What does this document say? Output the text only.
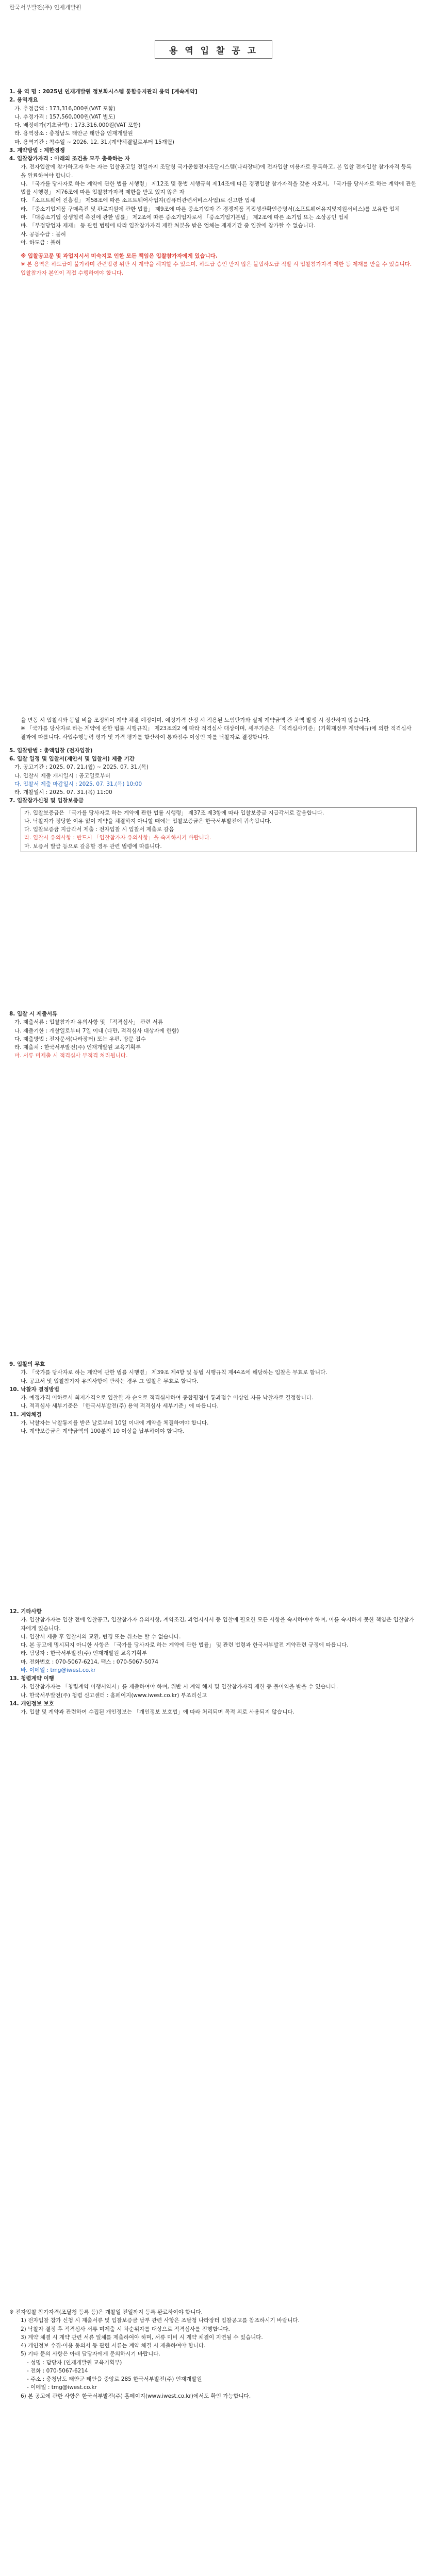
한국서부발전(주) 인재개발원
용 역 입 찰 공 고
1. 용 역 명 : 2025년 인재개발원 정보화시스템 통합유지관리 용역 [계속계약]
2. 용역개요
가. 추정금액 : 173,316,000원(VAT 포함)
나. 추정가격 : 157,560,000원(VAT 별도)
다. 배정예가(기초금액) : 173,316,000원(VAT 포함)
라. 용역장소 : 충청남도 태안군 태안읍 인재개발원
마. 용역기간 : 착수일 ~ 2026. 12. 31.(계약체결일로부터 15개월)
3. 계약방법 : 제한경쟁
4. 입찰참가자격 : 아래의 조건을 모두 충족하는 자
가. 전자입찰에 참가하고자 하는 자는 입찰공고일 전일까지 조달청 국가종합전자조달시스템(나라장터)에 전자입찰 이용자로 등록하고, 본 입찰 전자입찰 참가자격 등록을 완료하여야 합니다.
나. 「국가를 당사자로 하는 계약에 관한 법률 시행령」 제12조 및 동법 시행규칙 제14조에 따른 경쟁입찰 참가자격을 갖춘 자로서, 「국가를 당사자로 하는 계약에 관한 법률 시행령」 제76조에 따른 입찰참가자격 제한을 받고 있지 않은 자
다. 「소프트웨어 진흥법」 제58조에 따른 소프트웨어사업자(컴퓨터관련서비스사업)로 신고한 업체
라. 「중소기업제품 구매촉진 및 판로지원에 관한 법률」 제9조에 따른 중소기업자 간 경쟁제품 직접생산확인증명서(소프트웨어유지및지원서비스)를 보유한 업체
마. 「대중소기업 상생협력 촉진에 관한 법률」 제2조에 따른 중소기업자로서 「중소기업기본법」 제2조에 따른 소기업 또는 소상공인 업체
바. 「부정당업자 제재」 등 관련 법령에 따라 입찰참가자격 제한 처분을 받은 업체는 제재기간 중 입찰에 참가할 수 없습니다.
사. 공동수급 : 불허
아. 하도급 : 불허
※ 입찰공고문 및 과업지시서 미숙지로 인한 모든 책임은 입찰참가자에게 있습니다.
※ 본 용역은 하도급이 불가하며 관련법령 위반 시 계약을 해지할 수 있으며, 하도급 승인 받지 않은 불법하도급 적발 시 입찰참가자격 제한 등 제재를 받을 수 있습니다. 입찰참가자 본인이 직접 수행하여야 합니다.
율 변동 시 입찰시와 동일 비율 조정하여 계약 체결 예정이며, 예정가격 산정 시 적용된 노임단가와 실제 계약금액 간 차액 발생 시 정산하지 않습니다.
※ 「국가를 당사자로 하는 계약에 관한 법률 시행규칙」 제23조의2 에 따라 적격심사 대상이며, 세부기준은 「적격심사기준」(기획재정부 계약예규)에 의한 적격심사 결과에 따릅니다. 사업수행능력 평가 및 가격 평가를 합산하여 통과점수 이상인 자를 낙찰자로 결정합니다.
5. 입찰방법 : 총액입찰 (전자입찰)
6. 입찰 일정 및 입찰서(제안서 및 입찰서) 제출 기간
가. 공고기간 : 2025. 07. 21.(월) ~ 2025. 07. 31.(목)
나. 입찰서 제출 개시일시 : 공고일로부터
다. 입찰서 제출 마감일시 : 2025. 07. 31.(목) 10:00
라. 개찰일시 : 2025. 07. 31.(목) 11:00
7. 입찰참가신청 및 입찰보증금
가. 입찰보증금은 「국가를 당사자로 하는 계약에 관한 법률 시행령」 제37조 제3항에 따라 입찰보증금 지급각서로 갈음합니다.
나. 낙찰자가 정당한 이유 없이 계약을 체결하지 아니할 때에는 입찰보증금은 한국서부발전에 귀속됩니다.
다. 입찰보증금 지급각서 제출 : 전자입찰 시 입찰서 제출로 갈음
라. 입찰시 유의사항 : 반드시 「입찰참가자 유의사항」을 숙지하시기 바랍니다.
마. 보증서 발급 등으로 갈음할 경우 관련 법령에 따릅니다.
8. 입찰 시 제출서류
가. 제출서류 : 입찰참가자 유의사항 및 「적격심사」 관련 서류
나. 제출기한 : 개찰일로부터 7일 이내 (다만, 적격심사 대상자에 한함)
다. 제출방법 : 전자문서(나라장터) 또는 우편, 방문 접수
라. 제출처 : 한국서부발전(주) 인재개발원 교육기획부
마. 서류 미제출 시 적격심사 부적격 처리됩니다.
9. 입찰의 무효
가. 「국가를 당사자로 하는 계약에 관한 법률 시행령」 제39조 제4항 및 동법 시행규칙 제44조에 해당하는 입찰은 무효로 합니다.
나. 공고서 및 입찰참가자 유의사항에 반하는 경우 그 입찰은 무효로 합니다.
10. 낙찰자 결정방법
가. 예정가격 이하로서 최저가격으로 입찰한 자 순으로 적격심사하여 종합평점이 통과점수 이상인 자를 낙찰자로 결정합니다.
나. 적격심사 세부기준은 「한국서부발전(주) 용역 적격심사 세부기준」에 따릅니다.
11. 계약체결
가. 낙찰자는 낙찰통지를 받은 날로부터 10일 이내에 계약을 체결하여야 합니다.
나. 계약보증금은 계약금액의 100분의 10 이상을 납부하여야 합니다.
12. 기타사항
가. 입찰참가자는 입찰 전에 입찰공고, 입찰참가자 유의사항, 계약조건, 과업지시서 등 입찰에 필요한 모든 사항을 숙지하여야 하며, 이를 숙지하지 못한 책임은 입찰참가자에게 있습니다.
나. 입찰서 제출 후 입찰서의 교환, 변경 또는 취소는 할 수 없습니다.
다. 본 공고에 명시되지 아니한 사항은 「국가를 당사자로 하는 계약에 관한 법률」 및 관련 법령과 한국서부발전 계약관련 규정에 따릅니다.
라. 담당자 : 한국서부발전(주) 인재개발원 교육기획부
마. 전화번호 : 070-5067-6214, 팩스 : 070-5067-5074
바. 이메일 : tmg@iwest.co.kr
13. 청렴계약 이행
가. 입찰참가자는 「청렴계약 이행서약서」를 제출하여야 하며, 위반 시 계약 해지 및 입찰참가자격 제한 등 불이익을 받을 수 있습니다.
나. 한국서부발전(주) 청렴 신고센터 : 홈페이지(www.iwest.co.kr) 부조리신고
14. 개인정보 보호
가. 입찰 및 계약과 관련하여 수집된 개인정보는 「개인정보 보호법」에 따라 처리되며 목적 외로 사용되지 않습니다.
※ 전자입찰 참가자격(조달청 등록 등)은 개찰일 전일까지 등록 완료하여야 합니다.
1) 전자입찰 참가 신청 시 제출서류 및 입찰보증금 납부 관련 사항은 조달청 나라장터 입찰공고를 참조하시기 바랍니다.
2) 낙찰자 결정 후 적격심사 서류 미제출 시 차순위자를 대상으로 적격심사를 진행합니다.
3) 계약 체결 시 계약 관련 서류 일체를 제출하여야 하며, 서류 미비 시 계약 체결이 지연될 수 있습니다.
4) 개인정보 수집·이용 동의서 등 관련 서류는 계약 체결 시 제출하여야 합니다.
5) 기타 문의 사항은 아래 담당자에게 문의하시기 바랍니다.
- 성명 : 담당자 (인재개발원 교육기획부)
- 전화 : 070-5067-6214
- 주소 : 충청남도 태안군 태안읍 중앙로 285 한국서부발전(주) 인재개발원
- 이메일 : tmg@iwest.co.kr
6) 본 공고에 관한 사항은 한국서부발전(주) 홈페이지(www.iwest.co.kr)에서도 확인 가능합니다.
